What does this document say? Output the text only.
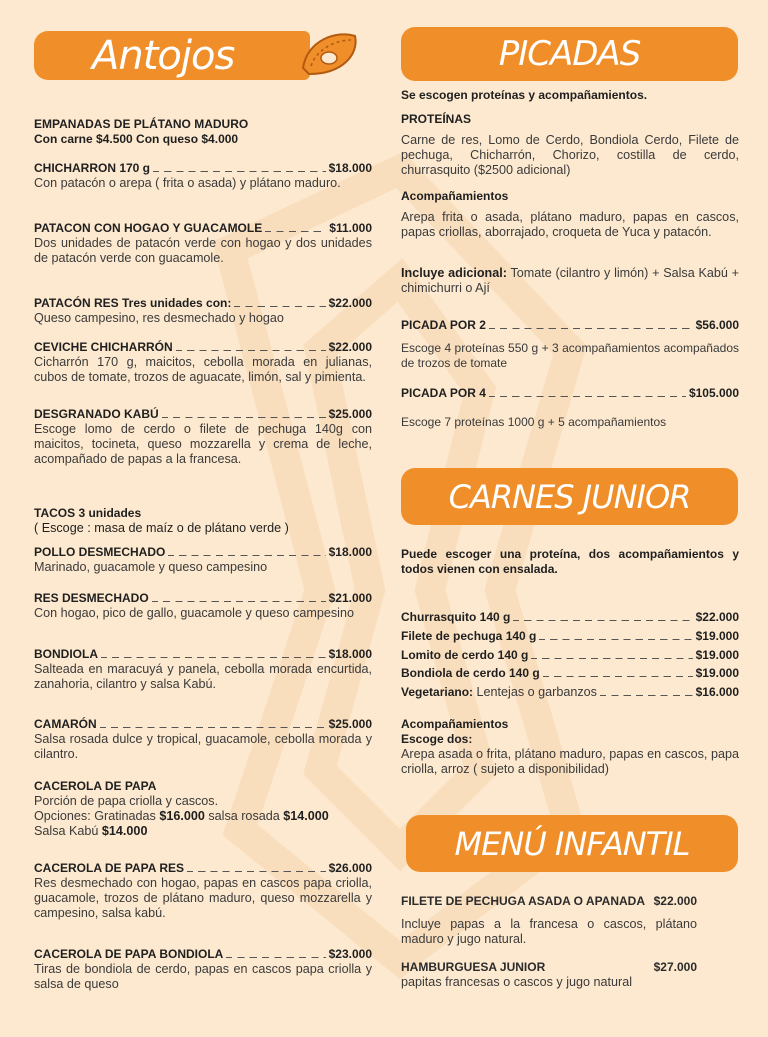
Antojos	PICADAS
CARNES JUNIOR
MENÚ INFANTIL
EMPANADAS DE PLÁTANO MADURO
Con carne $4.500 Con queso $4.000
CHICHARRON 170 g	$18.000
Con patacón o arepa ( frita o asada) y plátano maduro.
PATACON CON HOGAO Y GUACAMOLE	$11.000
Dos unidades de patacón verde con hogao y dos unidades de patacón verde con guacamole.
PATACÓN RES Tres unidades con:	$22.000
Queso campesino, res desmechado y hogao
CEVICHE CHICHARRÓN	$22.000
Cicharrón 170 g, maicitos, cebolla morada en julianas, cubos de tomate, trozos de aguacate, limón, sal y pimienta.
DESGRANADO KABÚ	$25.000
Escoge lomo de cerdo o filete de pechuga 140g con maicitos, tocineta, queso mozzarella y crema de leche, acompañado de papas a la francesa.
TACOS 3 unidades
( Escoge : masa de maíz o de plátano verde )
POLLO DESMECHADO	$18.000
Marinado, guacamole y queso campesino
RES DESMECHADO	$21.000
Con hogao, pico de gallo, guacamole y queso campesino
BONDIOLA	$18.000
Salteada en maracuyá y panela, cebolla morada encurtida, zanahoria, cilantro y salsa Kabú.
CAMARÓN	$25.000
Salsa rosada dulce y tropical, guacamole, cebolla morada y cilantro.
CACEROLA DE PAPA
Porción de papa criolla y cascos.
Opciones: Gratinadas $16.000 salsa rosada $14.000
Salsa Kabú $14.000
CACEROLA DE PAPA RES	$26.000
Res desmechado con hogao, papas en cascos papa criolla, guacamole, trozos de plátano maduro, queso mozzarella y campesino, salsa kabú.
CACEROLA DE PAPA BONDIOLA	$23.000
Tiras de bondiola de cerdo, papas en cascos papa criolla y salsa de queso
Se escogen proteínas y acompañamientos.
PROTEÍNAS
Carne de res, Lomo de Cerdo, Bondiola Cerdo, Filete de pechuga, Chicharrón, Chorizo, costilla de cerdo, churrasquito ($2500 adicional)
Acompañamientos
Arepa frita o asada, plátano maduro, papas en cascos, papas criollas, aborrajado, croqueta de Yuca y patacón.
Incluye adicional: Tomate (cilantro y limón) + Salsa Kabú + chimichurri o Ají
PICADA POR 2	$56.000
Escoge 4 proteínas 550 g + 3 acompañamientos acompañados de trozos de tomate
PICADA POR 4	$105.000
Escoge 7 proteínas 1000 g + 5 acompañamientos
Puede escoger una proteína, dos acompañamientos y todos vienen con ensalada.
Churrasquito 140 g	$22.000
Filete de pechuga 140 g	$19.000
Lomito de cerdo 140 g	$19.000
Bondiola de cerdo 140 g	$19.000
Vegetariano: Lentejas o garbanzos	$16.000
Acompañamientos
Escoge dos:
Arepa asada o frita, plátano maduro, papas en cascos, papa criolla, arroz ( sujeto a disponibilidad)
FILETE DE PECHUGA ASADA O APANADA $22.000
Incluye papas a la francesa o cascos, plátano maduro y jugo natural.
HAMBURGUESA JUNIOR	$27.000
papitas francesas o cascos y jugo natural
